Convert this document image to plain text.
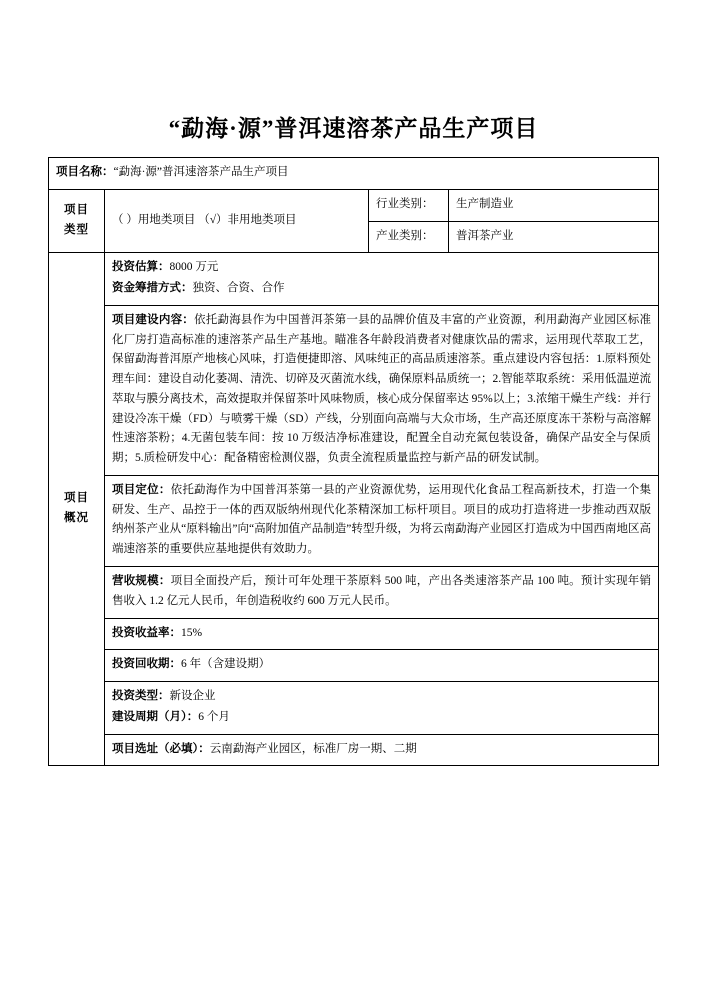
“勐海·源”普洱速溶茶产品生产项目
项目名称：“勐海·源”普洱速溶茶产品生产项目			

项目
类型	（ ）用地类项目 （√）非用地类项目	行业类别：	生产制造业
		产业类别：	普洱茶产业

项目
概况

投资估算：8000 万元

资金筹措方式：独资、合资、合作

	项目建设内容：依托勐海县作为中国普洱茶第一县的品牌价值及丰富的产业资源，利用勐海产业园区标准化厂房打造高标准的速溶茶产品生产基地。瞄准各年龄段消费者对健康饮品的需求，运用现代萃取工艺，保留勐海普洱原产地核心风味，打造便捷即溶、风味纯正的高品质速溶茶。重点建设内容包括：1.原料预处理车间：建设自动化萎凋、清洗、切碎及灭菌流水线，确保原料品质统一；2.智能萃取系统：采用低温逆流萃取与膜分离技术，高效提取并保留茶叶风味物质，核心成分保留率达 95%以上；3.浓缩干燥生产线：并行建设冷冻干燥（FD）与喷雾干燥（SD）产线，分别面向高端与大众市场，生产高还原度冻干茶粉与高溶解性速溶茶粉；4.无菌包装车间：按 10 万级洁净标准建设，配置全自动充氮包装设备，确保产品安全与保质期；5.质检研发中心：配备精密检测仪器，负责全流程质量监控与新产品的研发试制。		

	项目定位：依托勐海作为中国普洱茶第一县的产业资源优势，运用现代化食品工程高新技术，打造一个集研发、生产、品控于一体的西双版纳州现代化茶精深加工标杆项目。项目的成功打造将进一步推动西双版纳州茶产业从“原料输出”向“高附加值产品制造”转型升级，为将云南勐海产业园区打造成为中国西南地区高端速溶茶的重要供应基地提供有效助力。		

	营收规模：项目全面投产后，预计可年处理干茶原料 500 吨，产出各类速溶茶产品 100 吨。预计实现年销售收入 1.2 亿元人民币，年创造税收约 600 万元人民币。		

	投资收益率：15%		

	投资回收期：6 年（含建设期）		

	投资类型：新设企业

建设周期（月）：6 个月		

	项目选址（必填）：云南勐海产业园区，标准厂房一期、二期		
